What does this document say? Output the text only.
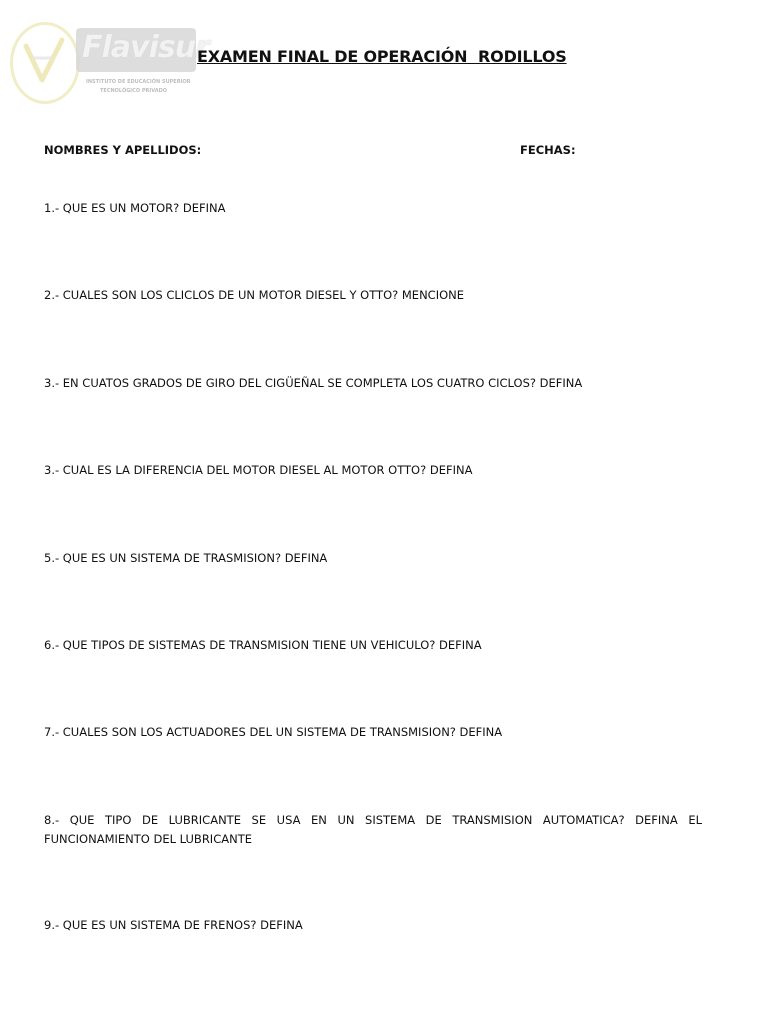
Flavisur
INSTITUTO DE EDUCACIÓN SUPERIOR
TECNOLÓGICO PRIVADO
EXAMEN FINAL DE OPERACIÓN  RODILLOS
NOMBRES Y APELLIDOS:	FECHAS:
1.- QUE ES UN MOTOR? DEFINA
2.- CUALES SON LOS CLICLOS DE UN MOTOR DIESEL Y OTTO? MENCIONE
3.- EN CUATOS GRADOS DE GIRO DEL CIGÜEÑAL SE COMPLETA LOS CUATRO CICLOS? DEFINA
3.- CUAL ES LA DIFERENCIA DEL MOTOR DIESEL AL MOTOR OTTO? DEFINA
5.- QUE ES UN SISTEMA DE TRASMISION? DEFINA
6.- QUE TIPOS DE SISTEMAS DE TRANSMISION TIENE UN VEHICULO? DEFINA
7.- CUALES SON LOS ACTUADORES DEL UN SISTEMA DE TRANSMISION? DEFINA
8.- QUE TIPO DE LUBRICANTE SE USA EN UN SISTEMA DE TRANSMISION AUTOMATICA? DEFINA EL FUNCIONAMIENTO DEL LUBRICANTE
9.- QUE ES UN SISTEMA DE FRENOS? DEFINA
